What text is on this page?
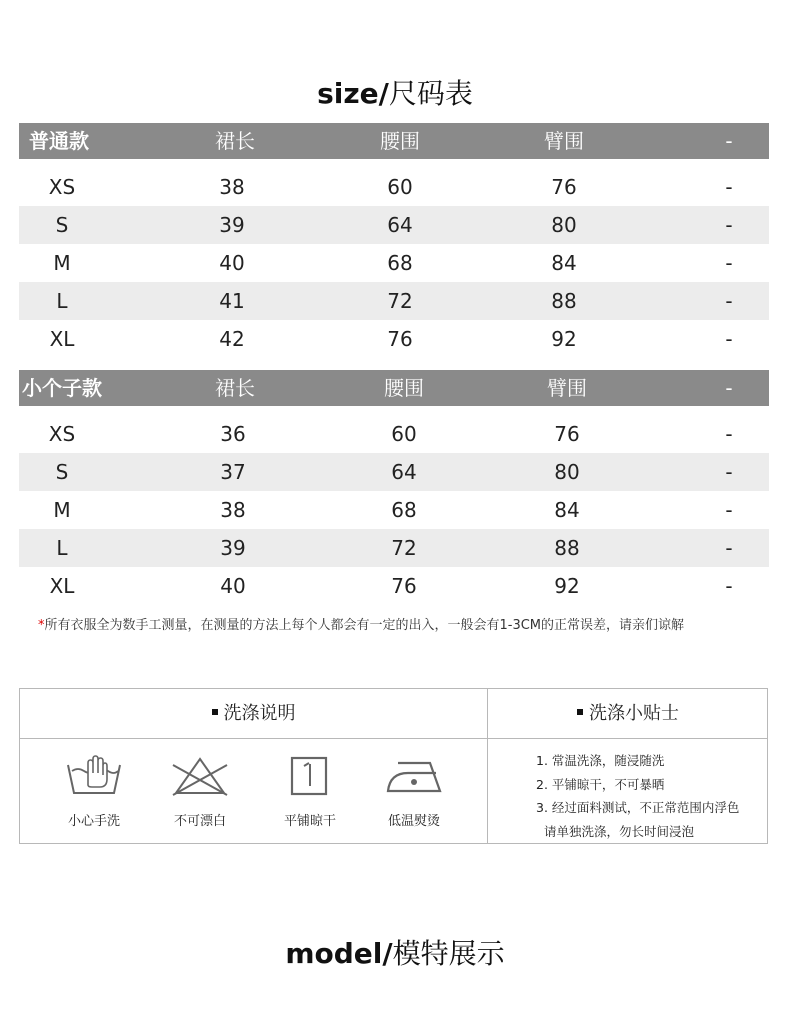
size/尺码表
普通款	裙长	腰围	臂围	-
XS	38	60	76	-
S	39	64	80	-
M	40	68	84	-
L	41	72	88	-
XL	42	76	92	-
小个子款	裙长	腰围	臂围	-
XS	36	60	76	-
S	37	64	80	-
M	38	68	84	-
L	39	72	88	-
XL	40	76	92	-
*所有衣服全为数手工测量，在测量的方法上每个人都会有一定的出入，一般会有1-3CM的正常误差，请亲们谅解
洗涤说明	洗涤小贴士
小心手洗	不可漂白	平铺晾干	低温熨烫
1. 常温洗涤，随浸随洗
2. 平铺晾干，不可暴晒
3. 经过面料测试，不正常范围内浮色
请单独洗涤，勿长时间浸泡
model/模特展示
